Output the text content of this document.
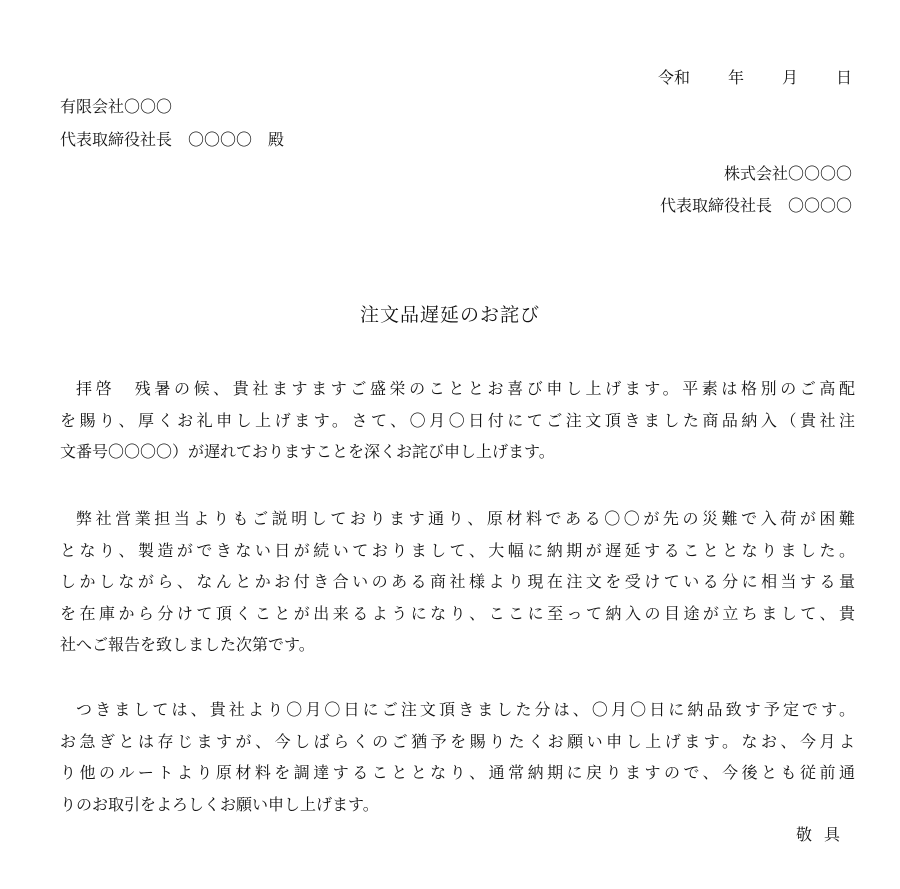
令和 年 月 日
有限会社〇〇〇
代表取締役社長　〇〇〇〇　殿
株式会社〇〇〇〇
代表取締役社長　〇〇〇〇
注文品遅延のお詫び
拝啓　残暑の候、貴社ますますご盛栄のこととお喜び申し上げます。平素は格別のご高配
を賜り、厚くお礼申し上げます。さて、〇月〇日付にてご注文頂きました商品納入（貴社注
文番号〇〇〇〇）が遅れておりますことを深くお詫び申し上げます。
弊社営業担当よりもご説明しております通り、原材料である〇〇が先の災難で入荷が困難
となり、製造ができない日が続いておりまして、大幅に納期が遅延することとなりました。
しかしながら、なんとかお付き合いのある商社様より現在注文を受けている分に相当する量
を在庫から分けて頂くことが出来るようになり、ここに至って納入の目途が立ちまして、貴
社へご報告を致しました次第です。
つきましては、貴社より〇月〇日にご注文頂きました分は、〇月〇日に納品致す予定です。
お急ぎとは存じますが、今しばらくのご猶予を賜りたくお願い申し上げます。なお、今月よ
り他のルートより原材料を調達することとなり、通常納期に戻りますので、今後とも従前通
りのお取引をよろしくお願い申し上げます。
敬具
